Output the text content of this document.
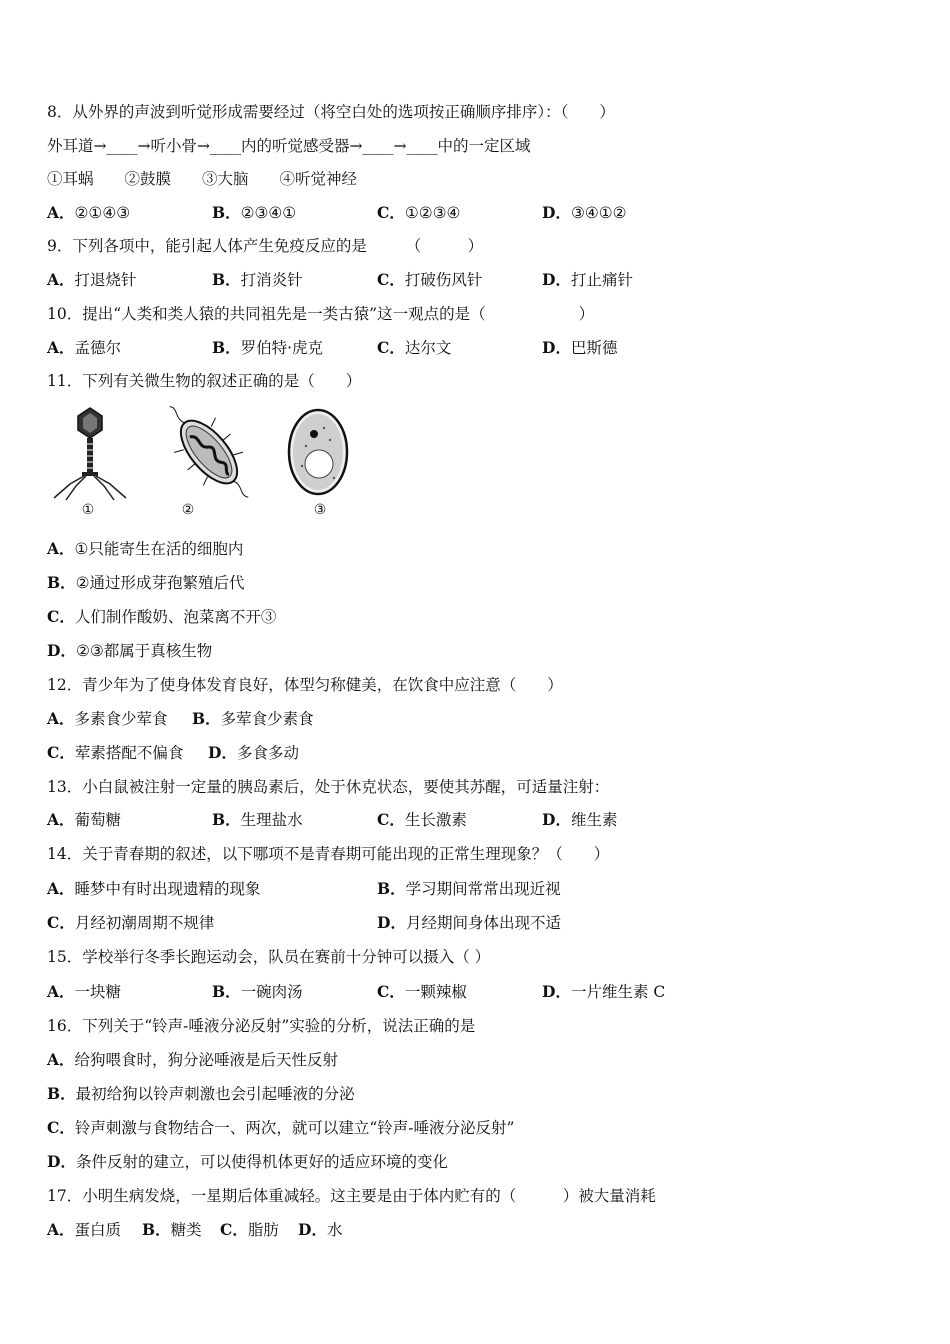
8．从外界的声波到听觉形成需要经过（将空白处的选项按正确顺序排序）：（　　）
外耳道→____→听小骨→____内的听觉感受器→____→____中的一定区域
①耳蜗　　②鼓膜　　③大脑　　④听觉神经
A．②①④③	B．②③④①	C．①②③④	D．③④①②
9．下列各项中，能引起人体产生免疫反应的是　　　（　　　）
A．打退烧针	B．打消炎针	C．打破伤风针	D．打止痛针
10．提出“人类和类人猿的共同祖先是一类古猿”这一观点的是（　　　　　　）
A．孟德尔	B．罗伯特·虎克	C．达尔文	D．巴斯德
11．下列有关微生物的叙述正确的是（　　）
①	②	③
A．①只能寄生在活的细胞内
B．②通过形成芽孢繁殖后代
C．人们制作酸奶、泡菜离不开③
D．②③都属于真核生物
12．青少年为了使身体发育良好，体型匀称健美，在饮食中应注意（　　）
A．多素食少荤食 B．多荤食少素食
C．荤素搭配不偏食 D．多食多动
13．小白鼠被注射一定量的胰岛素后，处于休克状态，要使其苏醒，可适量注射：
A．葡萄糖	B．生理盐水	C．生长激素	D．维生素
14．关于青春期的叙述，以下哪项不是青春期可能出现的正常生理现象？（　　）
A．睡梦中有时出现遗精的现象	B．学习期间常常出现近视
C．月经初潮周期不规律	D．月经期间身体出现不适
15．学校举行冬季长跑运动会，队员在赛前十分钟可以摄入（ ）
A．一块糖	B．一碗肉汤	C．一颗辣椒	D．一片维生素 C
16．下列关于“铃声-唾液分泌反射”实验的分析，说法正确的是
A．给狗喂食时，狗分泌唾液是后天性反射
B．最初给狗以铃声刺激也会引起唾液的分泌
C．铃声刺激与食物结合一、两次，就可以建立“铃声-唾液分泌反射”
D．条件反射的建立，可以使得机体更好的适应环境的变化
17．小明生病发烧，一星期后体重减轻。这主要是由于体内贮有的（　　　）被大量消耗
A．蛋白质 B．糖类 C．脂肪 D．水
